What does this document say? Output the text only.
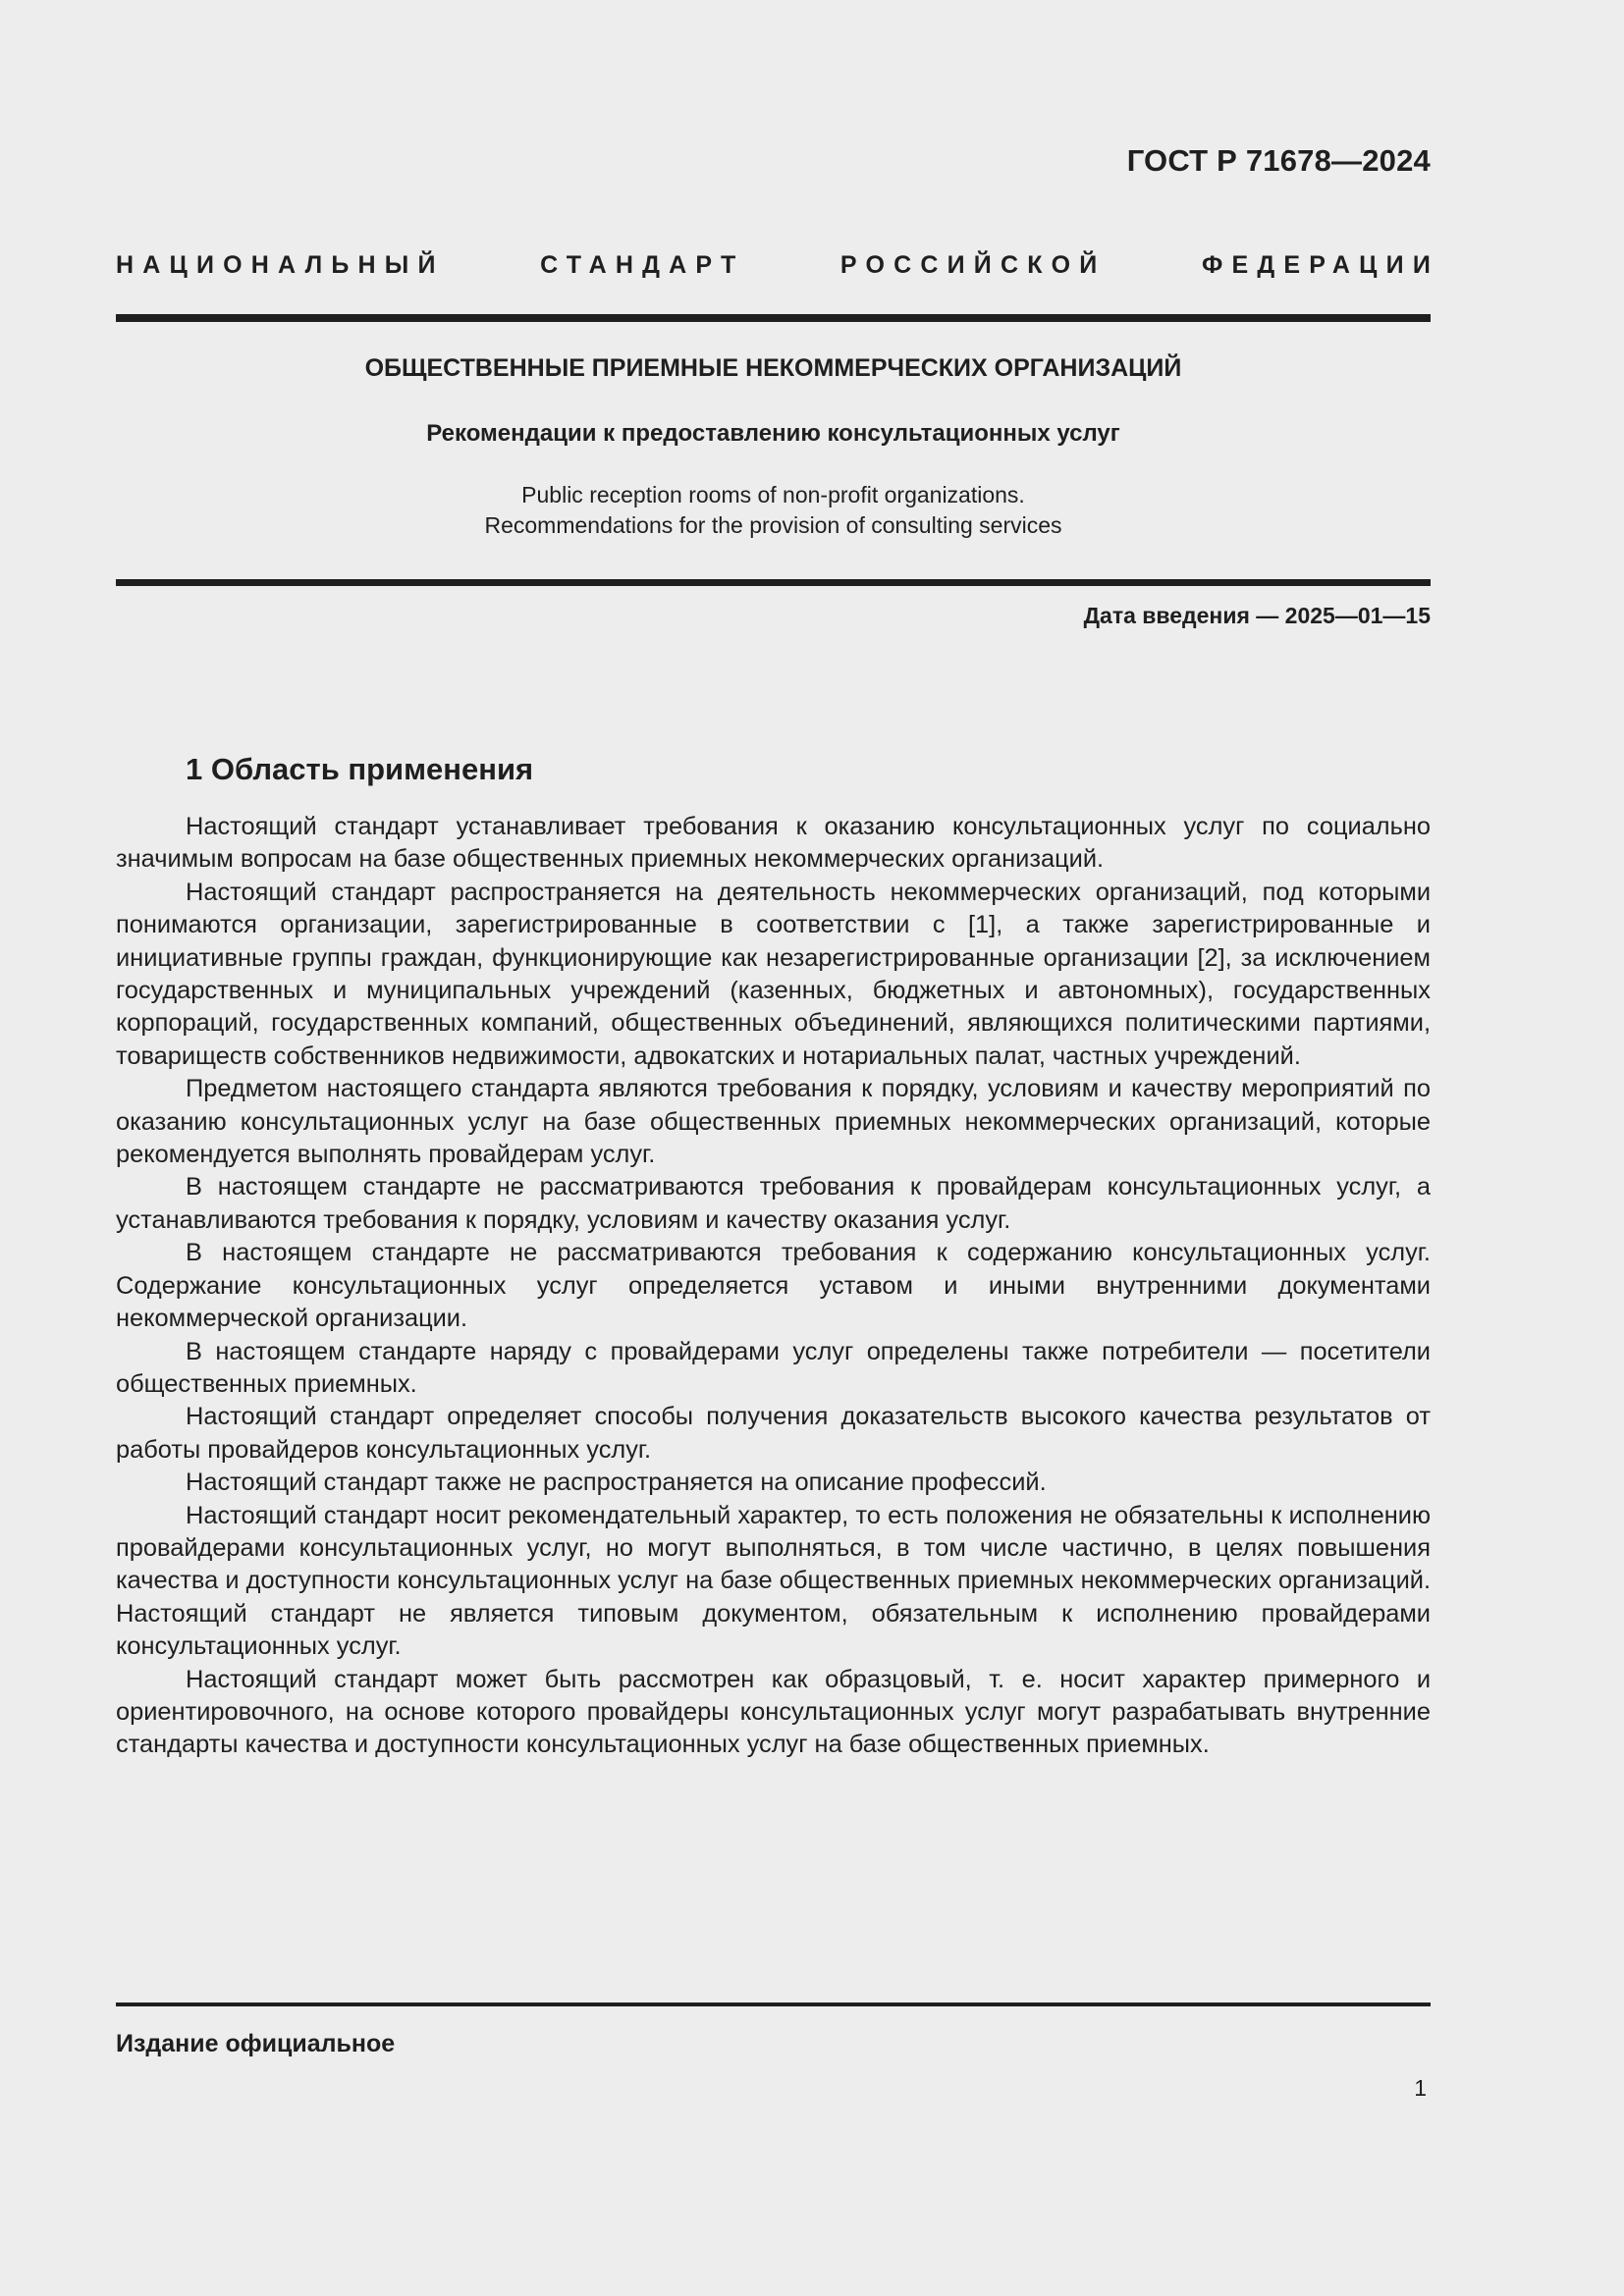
ГОСТ Р 71678—2024
НАЦИОНАЛЬНЫЙ СТАНДАРТ РОССИЙСКОЙ ФЕДЕРАЦИИ
ОБЩЕСТВЕННЫЕ ПРИЕМНЫЕ НЕКОММЕРЧЕСКИХ ОРГАНИЗАЦИЙ
Рекомендации к предоставлению консультационных услуг
Public reception rooms of non-profit organizations.
Recommendations for the provision of consulting services
Дата введения — 2025—01—15
1 Область применения

Настоящий стандарт устанавливает требования к оказанию консультационных услуг по социально значимым вопросам на базе общественных приемных некоммерческих организаций.

Настоящий стандарт распространяется на деятельность некоммерческих организаций, под которыми понимаются организации, зарегистрированные в соответствии с [1], а также зарегистрированные и инициативные группы граждан, функционирующие как незарегистрированные организации [2], за исключением государственных и муниципальных учреждений (казенных, бюджетных и автономных), государственных корпораций, государственных компаний, общественных объединений, являющихся политическими партиями, товариществ собственников недвижимости, адвокатских и нотариальных палат, частных учреждений.

Предметом настоящего стандарта являются требования к порядку, условиям и качеству мероприятий по оказанию консультационных услуг на базе общественных приемных некоммерческих организаций, которые рекомендуется выполнять провайдерам услуг.

В настоящем стандарте не рассматриваются требования к провайдерам консультационных услуг, а устанавливаются требования к порядку, условиям и качеству оказания услуг.

В настоящем стандарте не рассматриваются требования к содержанию консультационных услуг. Содержание консультационных услуг определяется уставом и иными внутренними документами некоммерческой организации.

В настоящем стандарте наряду с провайдерами услуг определены также потребители — посетители общественных приемных.

Настоящий стандарт определяет способы получения доказательств высокого качества результатов от работы провайдеров консультационных услуг.

Настоящий стандарт также не распространяется на описание профессий.

Настоящий стандарт носит рекомендательный характер, то есть положения не обязательны к исполнению провайдерами консультационных услуг, но могут выполняться, в том числе частично, в целях повышения качества и доступности консультационных услуг на базе общественных приемных некоммерческих организаций. Настоящий стандарт не является типовым документом, обязательным к исполнению провайдерами консультационных услуг.

Настоящий стандарт может быть рассмотрен как образцовый, т. е. носит характер примерного и ориентировочного, на основе которого провайдеры консультационных услуг могут разрабатывать внутренние стандарты качества и доступности консультационных услуг на базе общественных приемных.

Издание официальное
1
